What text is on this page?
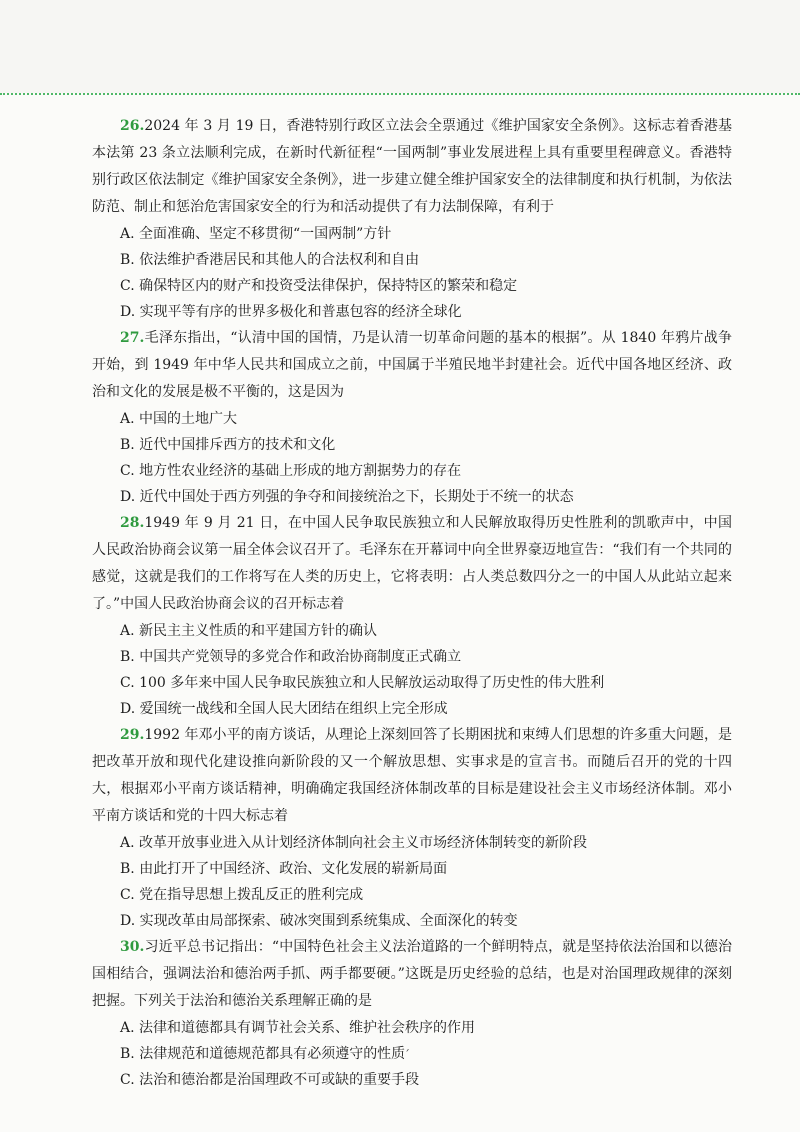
26.2024 年 3 月 19 日，香港特别行政区立法会全票通过《维护国家安全条例》。这标志着香港基本法第 23 条立法顺利完成，在新时代新征程“一国两制”事业发展进程上具有重要里程碑意义。香港特别行政区依法制定《维护国家安全条例》，进一步建立健全维护国家安全的法律制度和执行机制，为依法防范、制止和惩治危害国家安全的行为和活动提供了有力法制保障，有利于

A. 全面准确、坚定不移贯彻“一国两制”方针

B. 依法维护香港居民和其他人的合法权利和自由

C. 确保特区内的财产和投资受法律保护，保持特区的繁荣和稳定

D. 实现平等有序的世界多极化和普惠包容的经济全球化

27.毛泽东指出，“认清中国的国情，乃是认清一切革命问题的基本的根据”。从 1840 年鸦片战争开始，到 1949 年中华人民共和国成立之前，中国属于半殖民地半封建社会。近代中国各地区经济、政治和文化的发展是极不平衡的，这是因为

A. 中国的土地广大

B. 近代中国排斥西方的技术和文化

C. 地方性农业经济的基础上形成的地方割据势力的存在

D. 近代中国处于西方列强的争夺和间接统治之下，长期处于不统一的状态

28.1949 年 9 月 21 日，在中国人民争取民族独立和人民解放取得历史性胜利的凯歌声中，中国人民政治协商会议第一届全体会议召开了。毛泽东在开幕词中向全世界豪迈地宣告：“我们有一个共同的感觉，这就是我们的工作将写在人类的历史上，它将表明：占人类总数四分之一的中国人从此站立起来了。”中国人民政治协商会议的召开标志着

A. 新民主主义性质的和平建国方针的确认

B. 中国共产党领导的多党合作和政治协商制度正式确立

C. 100 多年来中国人民争取民族独立和人民解放运动取得了历史性的伟大胜利

D. 爱国统一战线和全国人民大团结在组织上完全形成

29.1992 年邓小平的南方谈话，从理论上深刻回答了长期困扰和束缚人们思想的许多重大问题，是把改革开放和现代化建设推向新阶段的又一个解放思想、实事求是的宣言书。而随后召开的党的十四大，根据邓小平南方谈话精神，明确确定我国经济体制改革的目标是建设社会主义市场经济体制。邓小平南方谈话和党的十四大标志着

A. 改革开放事业进入从计划经济体制向社会主义市场经济体制转变的新阶段

B. 由此打开了中国经济、政治、文化发展的崭新局面

C. 党在指导思想上拨乱反正的胜利完成

D. 实现改革由局部探索、破冰突围到系统集成、全面深化的转变

30.习近平总书记指出：“中国特色社会主义法治道路的一个鲜明特点，就是坚持依法治国和以德治国相结合，强调法治和德治两手抓、两手都要硬。”这既是历史经验的总结，也是对治国理政规律的深刻把握。下列关于法治和德治关系理解正确的是

A. 法律和道德都具有调节社会关系、维护社会秩序的作用

B. 法律规范和道德规范都具有必须遵守的性质

C. 法治和德治都是治国理政不可或缺的重要手段

ˊ
